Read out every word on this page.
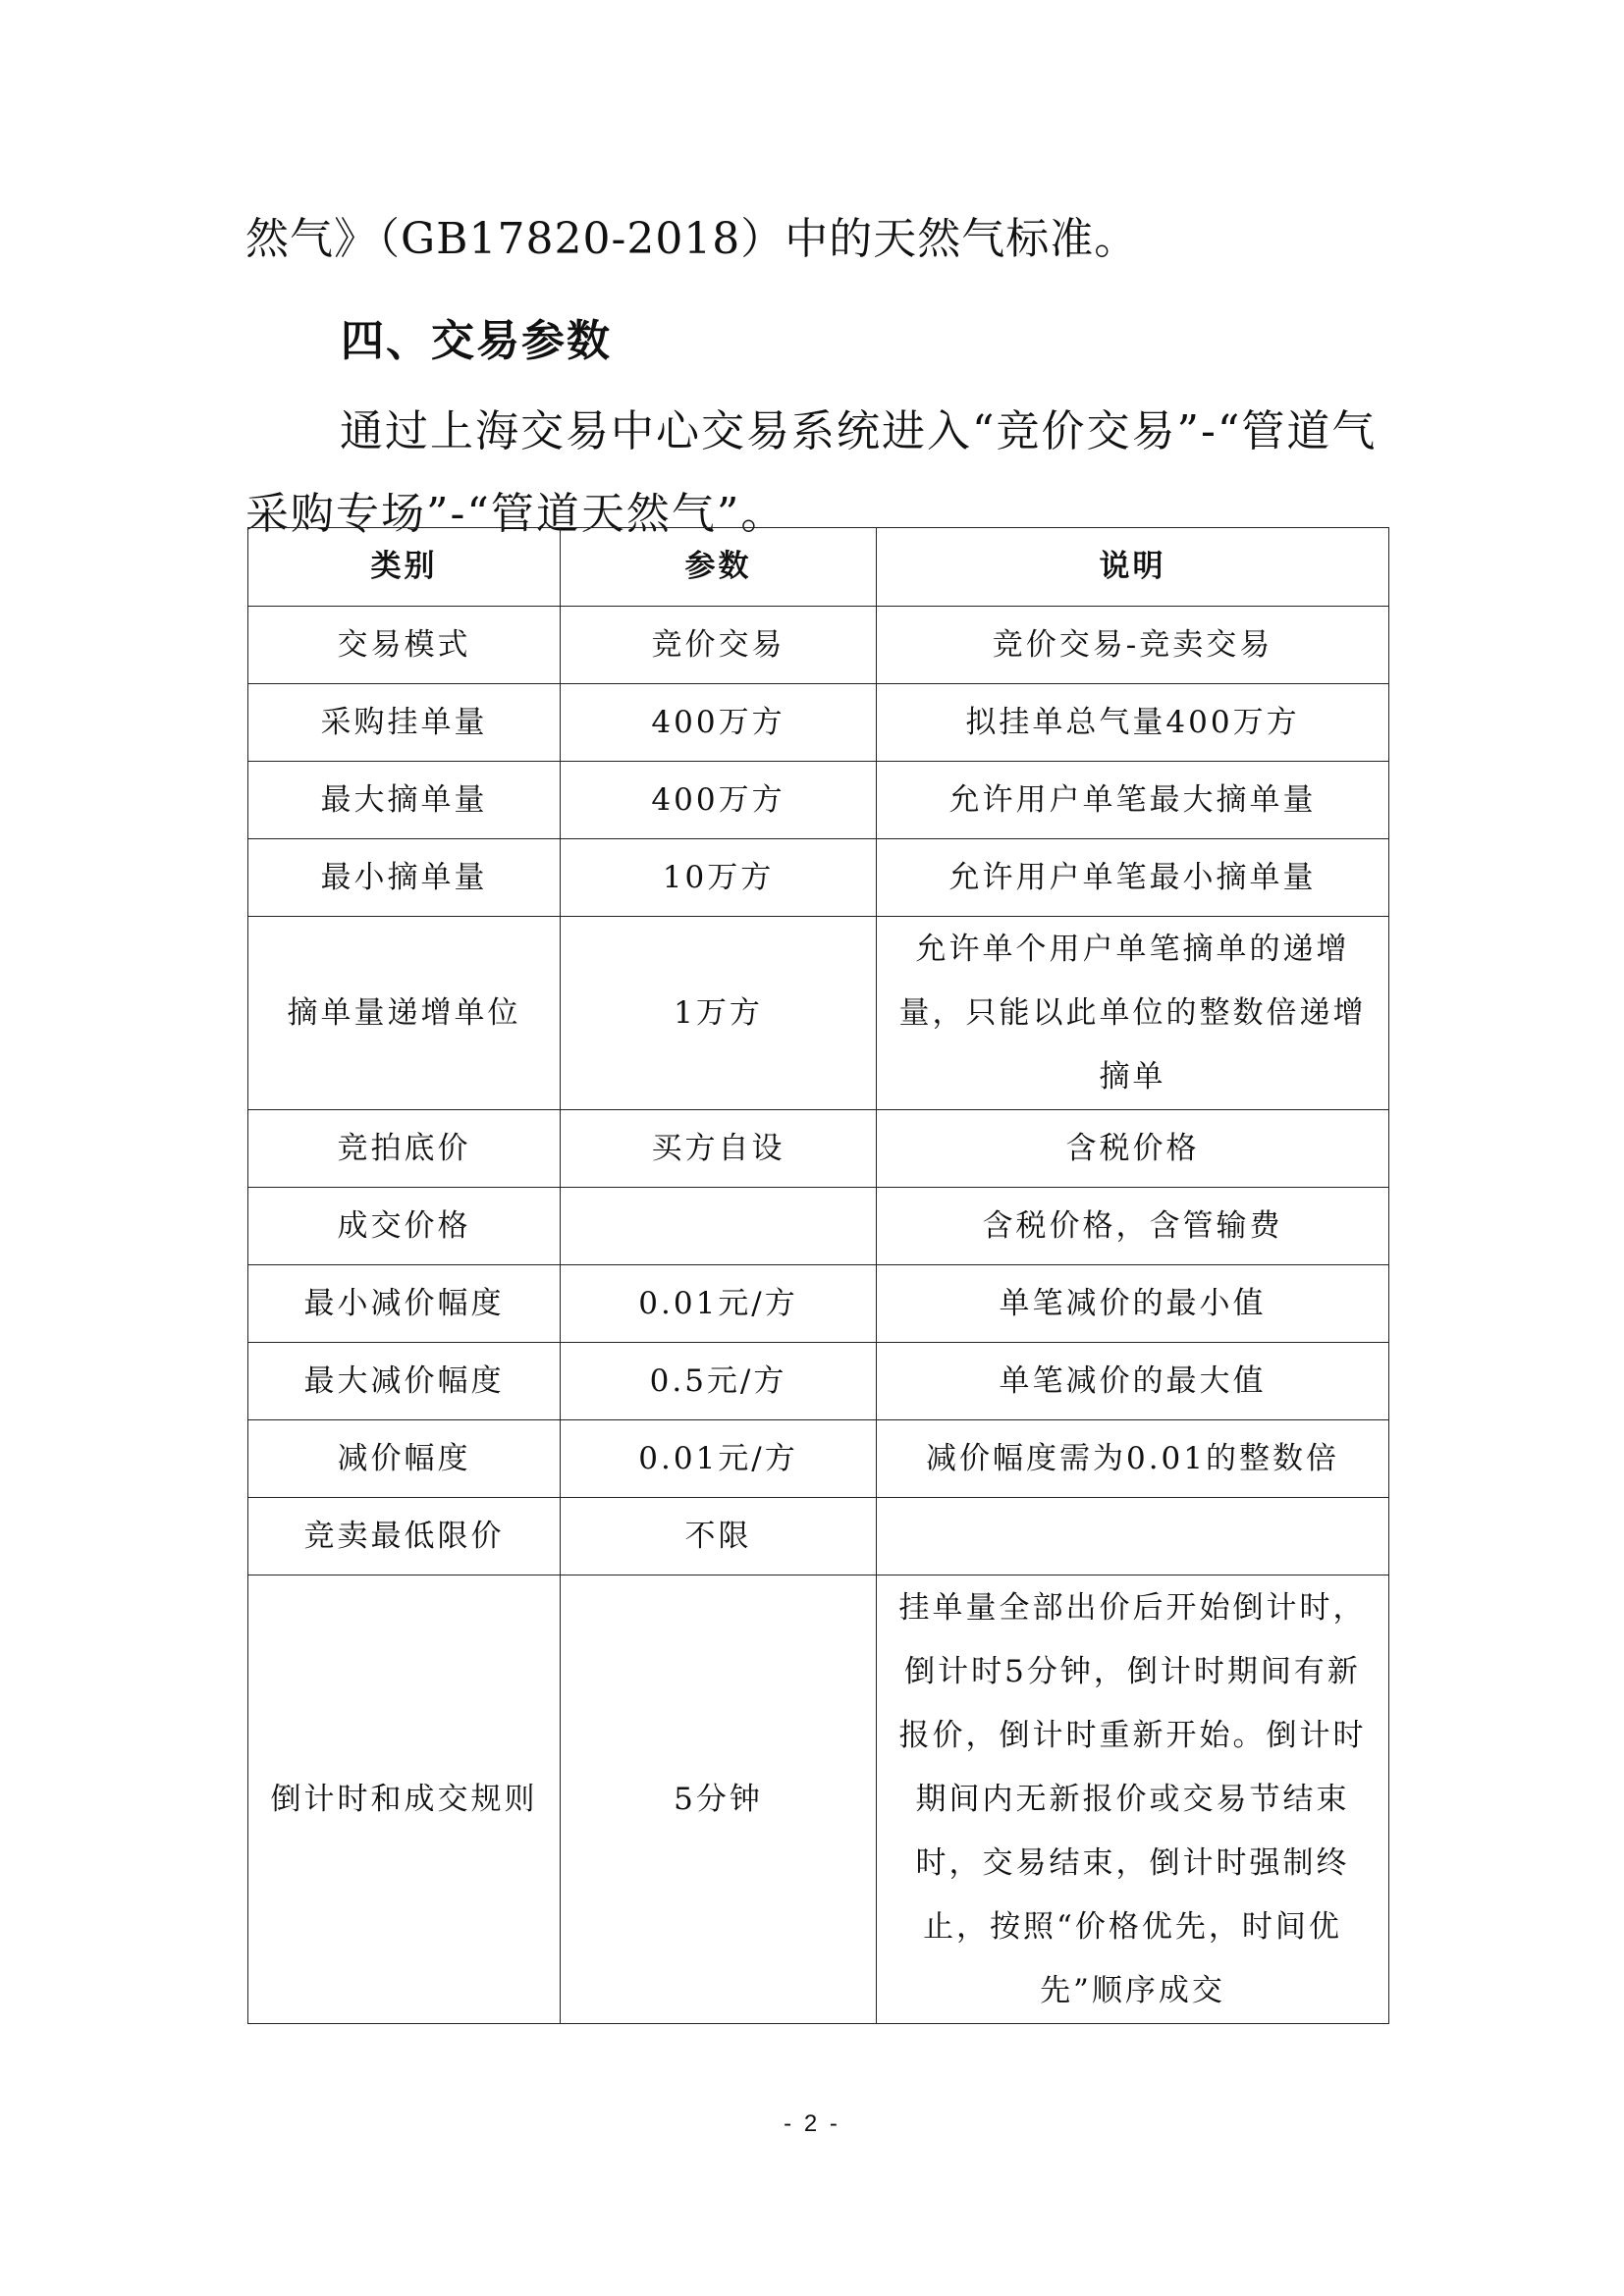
然气》（GB17820-2018）中的天然气标准。
四、交易参数
通过上海交易中心交易系统进入“竞价交易”-“管道气采购专场”-“管道天然气”。
类别	参数	说明
交易模式	竞价交易	竞价交易-竞卖交易
采购挂单量	400万方	拟挂单总气量400万方
最大摘单量	400万方	允许用户单笔最大摘单量
最小摘单量	10万方	允许用户单笔最小摘单量
摘单量递增单位	1万方	允许单个用户单笔摘单的递增量，只能以此单位的整数倍递增摘单
竞拍底价	买方自设	含税价格
成交价格		含税价格，含管输费
最小减价幅度	0.01元/方	单笔减价的最小值
最大减价幅度	0.5元/方	单笔减价的最大值
减价幅度	0.01元/方	减价幅度需为0.01的整数倍
竞卖最低限价	不限	
倒计时和成交规则	5分钟	挂单量全部出价后开始倒计时，倒计时5分钟，倒计时期间有新报价，倒计时重新开始。倒计时期间内无新报价或交易节结束时，交易结束，倒计时强制终止，按照“价格优先，时间优先”顺序成交
- 2 -
